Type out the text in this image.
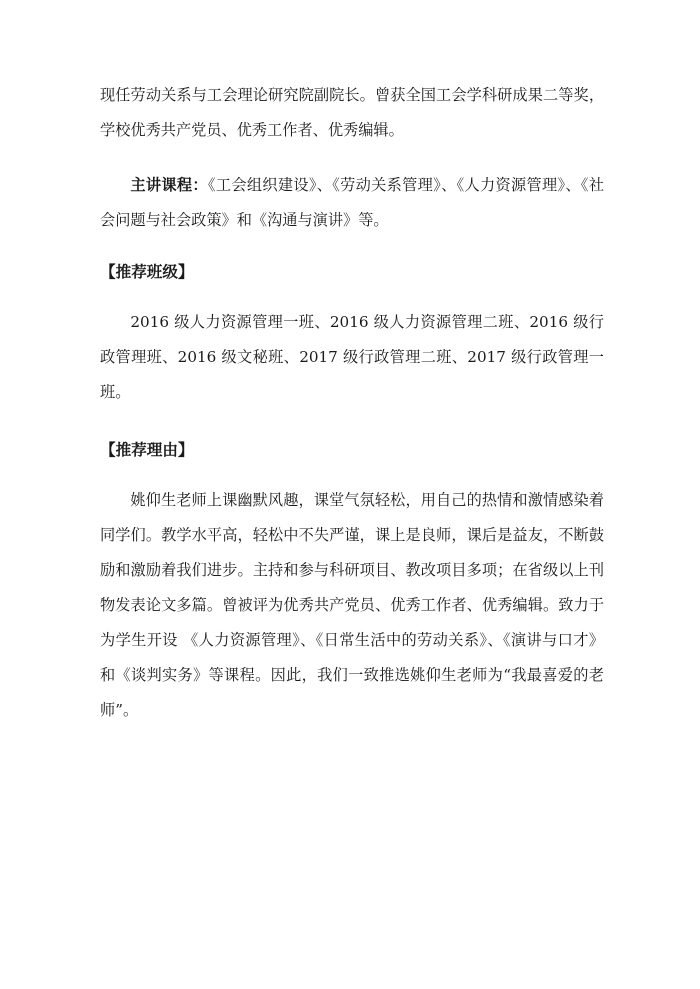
现任劳动关系与工会理论研究院副院长。曾获全国工会学科研成果二等奖，学校优秀共产党员、优秀工作者、优秀编辑。

主讲课程：《工会组织建设》、《劳动关系管理》、《人力资源管理》、《社会问题与社会政策》和《沟通与演讲》等。

【推荐班级】

2016 级人力资源管理一班、2016 级人力资源管理二班、2016 级行政管理班、2016 级文秘班、2017 级行政管理二班、2017 级行政管理一班。

【推荐理由】

姚仰生老师上课幽默风趣，课堂气氛轻松，用自己的热情和激情感染着同学们。教学水平高，轻松中不失严谨，课上是良师，课后是益友，不断鼓励和激励着我们进步。主持和参与科研项目、教改项目多项；在省级以上刊物发表论文多篇。曾被评为优秀共产党员、优秀工作者、优秀编辑。致力于为学生开设 《人力资源管理》、《日常生活中的劳动关系》、《演讲与口才》和《谈判实务》等课程。因此，我们一致推选姚仰生老师为“我最喜爱的老师”。
